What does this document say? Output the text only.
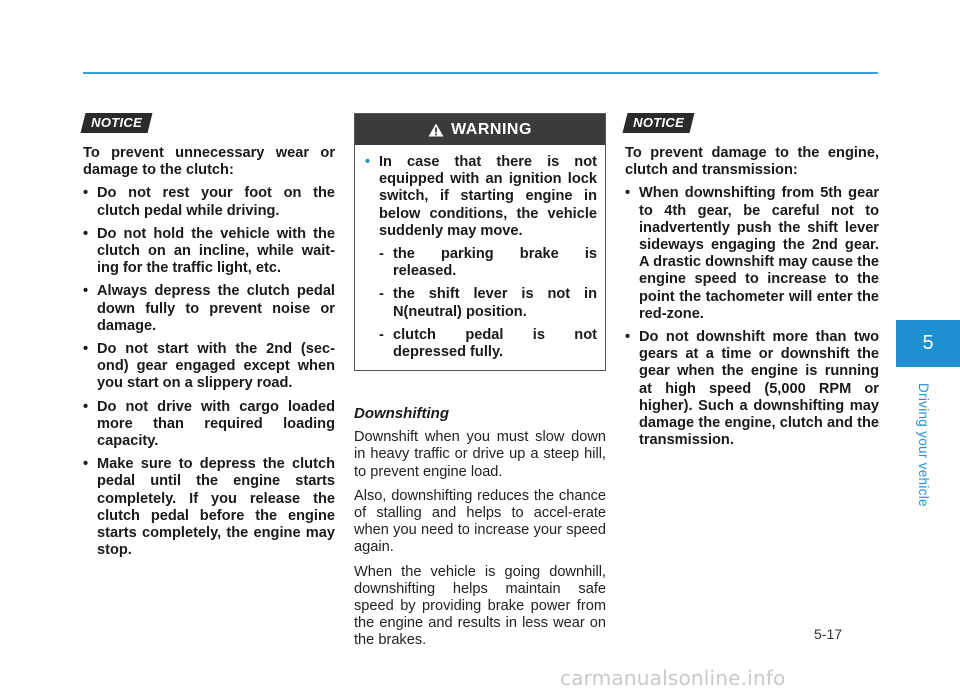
NOTICE
To prevent unnecessary wear or damage to the clutch:
• Do not rest your foot on the clutch pedal while driving.
• Do not hold the vehicle with the clutch on an incline, while wait-ing for the traffic light, etc.
• Always depress the clutch pedal down fully to prevent noise or damage.
• Do not start with the 2nd (sec-ond) gear engaged except when you start on a slippery road.
• Do not drive with cargo loaded more than required loading capacity.
• Make sure to depress the clutch pedal until the engine starts completely. If you release the clutch pedal before the engine starts completely, the engine may stop.
WARNING
• In case that there is not equipped with an ignition lock switch, if starting engine in below conditions, the vehicle suddenly may move.
- the parking brake is released.
- the shift lever is not in N(neutral) position.
- clutch pedal is not depressed fully.
Downshifting
Downshift when you must slow down in heavy traffic or drive up a steep hill, to prevent engine load.
Also, downshifting reduces the chance of stalling and helps to accel-erate when you need to increase your speed again.
When the vehicle is going downhill, downshifting helps maintain safe speed by providing brake power from the engine and results in less wear on the brakes.
NOTICE
To prevent damage to the engine, clutch and transmission:
• When downshifting from 5th gear to 4th gear, be careful not to inadvertently push the shift lever sideways engaging the 2nd gear. A drastic downshift may cause the engine speed to increase to the point the tachometer will enter the red-zone.
• Do not downshift more than two gears at a time or downshift the gear when the engine is running at high speed (5,000 RPM or higher). Such a downshifting may damage the engine, clutch and the transmission.
5
Driving your vehicle
5-17
carmanualsonline.info
